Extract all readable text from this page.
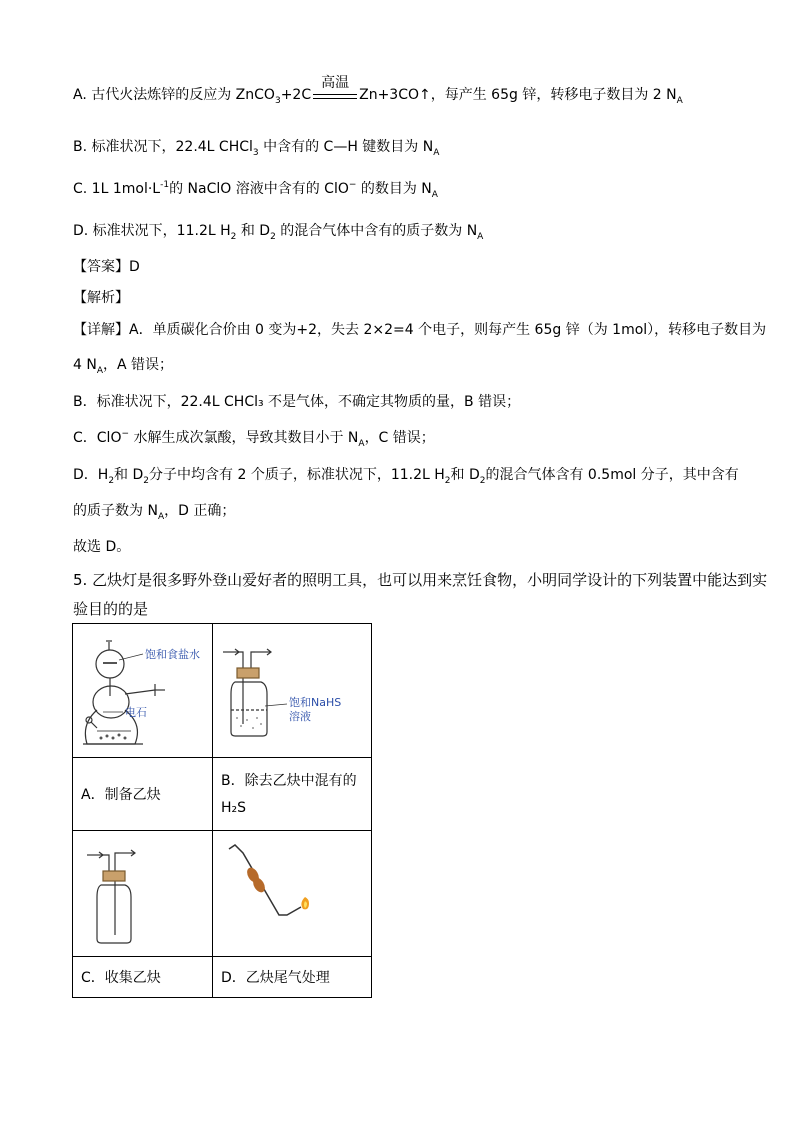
A. 古代火法炼锌的反应为 ZnCO$_3$+2C
高温
Zn+3CO↑，每产生 65g 锌，转移电子数目为 2 $N_A$
B. 标准状况下，22.4L CHCl$_3$ 中含有的 C—H 键数目为 $N_A$
C. 1L $1mol\cdot L^{-1}$的 NaClO 溶液中含有的 ClO− 的数目为 $N_A$
D. 标准状况下，11.2L $H_2$ 和 $D_2$ 的混合气体中含有的质子数为 $N_A$
【答案】D
【解析】
【详解】A．单质碳化合价由 0 变为+2，失去 2×2=4 个电子，则每产生 65g 锌（为 1mol），转移电子数目为
4 $N_A$，A 错误；
B．标准状况下，22.4L CHCl₃ 不是气体，不确定其物质的量，B 错误；
C．ClO− 水解生成次氯酸，导致其数目小于 $N_A$，C 错误；
D．$H_2$和 $D_2$分子中均含有 2 个质子，标准状况下，11.2L $H_2$和 $D_2$的混合气体含有 0.5mol 分子，其中含有
的质子数为 $N_A$，D 正确；
故选 D。
5. 乙炔灯是很多野外登山爱好者的照明工具，也可以用来烹饪食物，小明同学设计的下列装置中能达到实
验目的的是
饱和食盐水
电石	饱和NaHS
溶液

A．制备乙炔	B．除去乙炔中混有的
H₂S

C．收集乙炔	D．乙炔尾气处理
